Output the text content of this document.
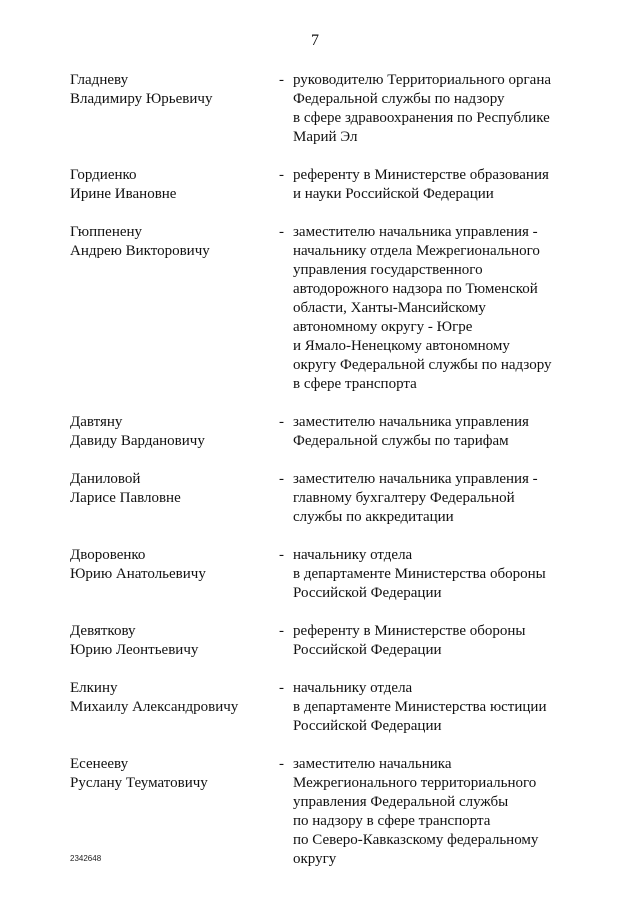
7
Гладневу
Владимиру Юрьевичу
- руководителю Территориального органа
Федеральной службы по надзору
в сфере здравоохранения по Республике
Марий Эл
Гордиенко
Ирине Ивановне
- референту в Министерстве образования
и науки Российской Федерации
Гюппенену
Андрею Викторовичу
- заместителю начальника управления -
начальнику отдела Межрегионального
управления государственного
автодорожного надзора по Тюменской
области, Ханты-Мансийскому
автономному округу - Югре
и Ямало-Ненецкому автономному
округу Федеральной службы по надзору
в сфере транспорта
Давтяну
Давиду Вардановичу
- заместителю начальника управления
Федеральной службы по тарифам
Даниловой
Ларисе Павловне
- заместителю начальника управления -
главному бухгалтеру Федеральной
службы по аккредитации
Дворовенко
Юрию Анатольевичу
- начальнику отдела
в департаменте Министерства обороны
Российской Федерации
Девяткову
Юрию Леонтьевичу
- референту в Министерстве обороны
Российской Федерации
Елкину
Михаилу Александровичу
- начальнику отдела
в департаменте Министерства юстиции
Российской Федерации
Есенееву
Руслану Теуматовичу
- заместителю начальника
Межрегионального территориального
управления Федеральной службы
по надзору в сфере транспорта
по Северо-Кавказскому федеральному
округу
2342648
